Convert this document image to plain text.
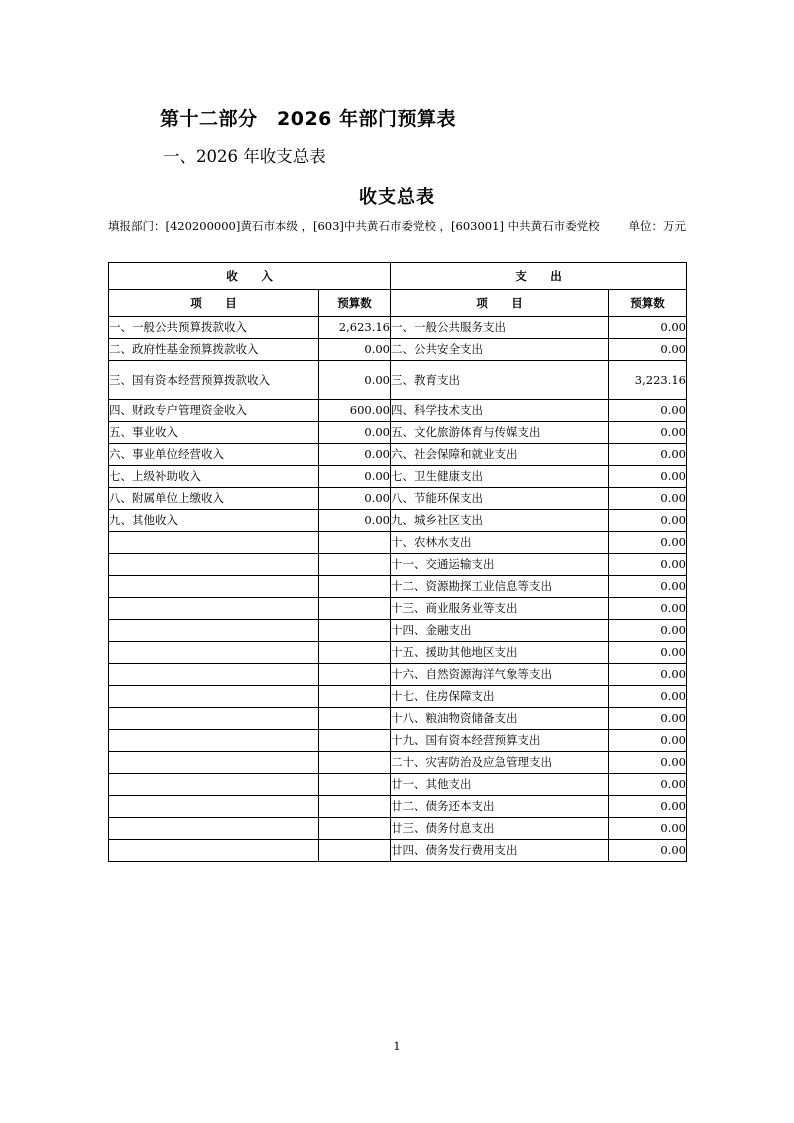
第十二部分　2026 年部门预算表
一、2026 年收支总表
收支总表
填报部门：[420200000]黄石市本级 ，[603]中共黄石市委党校 ，[603001] 中共黄石市委党校	单位：万元
收　入		支　出	
项　目	预算数	项　目	预算数
一、一般公共预算拨款收入	2,623.16	一、一般公共服务支出	0.00
二、政府性基金预算拨款收入	0.00	二、公共安全支出	0.00
三、国有资本经营预算拨款收入	0.00	三、教育支出	3,223.16
四、财政专户管理资金收入	600.00	四、科学技术支出	0.00
五、事业收入	0.00	五、文化旅游体育与传媒支出	0.00
六、事业单位经营收入	0.00	六、社会保障和就业支出	0.00
七、上级补助收入	0.00	七、卫生健康支出	0.00
八、附属单位上缴收入	0.00	八、节能环保支出	0.00
九、其他收入	0.00	九、城乡社区支出	0.00
		十、农林水支出	0.00
		十一、交通运输支出	0.00
		十二、资源勘探工业信息等支出	0.00
		十三、商业服务业等支出	0.00
		十四、金融支出	0.00
		十五、援助其他地区支出	0.00
		十六、自然资源海洋气象等支出	0.00
		十七、住房保障支出	0.00
		十八、粮油物资储备支出	0.00
		十九、国有资本经营预算支出	0.00
		二十、灾害防治及应急管理支出	0.00
		廿一、其他支出	0.00
		廿二、债务还本支出	0.00
		廿三、债务付息支出	0.00
		廿四、债务发行费用支出	0.00
1
